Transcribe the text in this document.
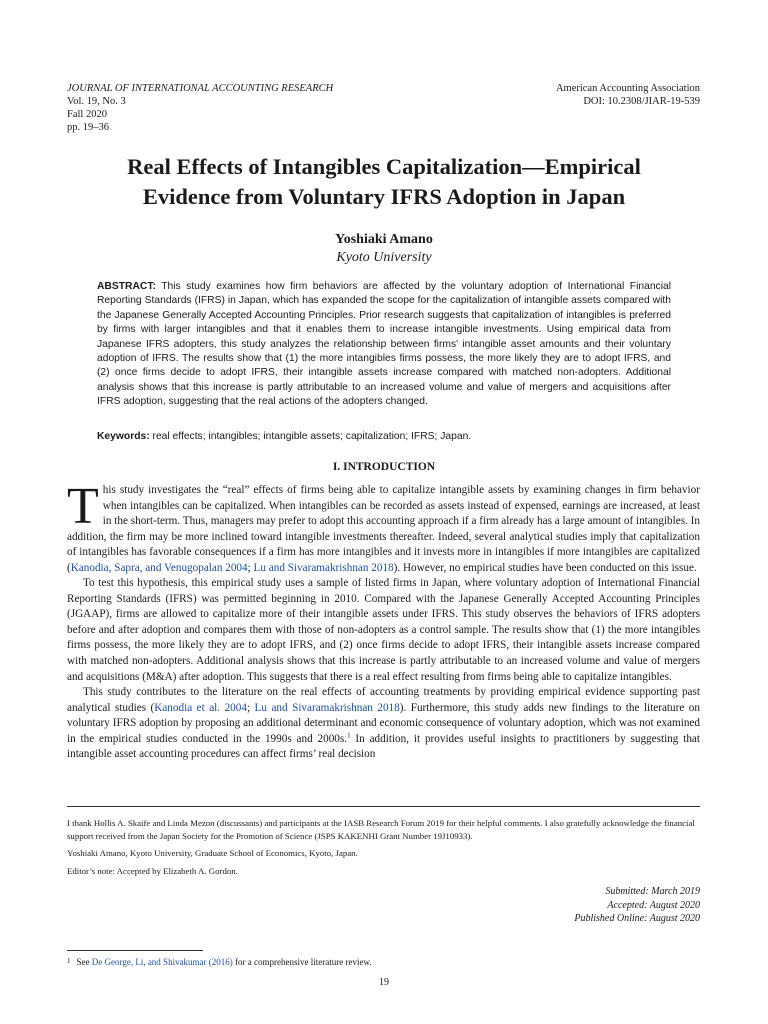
JOURNAL OF INTERNATIONAL ACCOUNTING RESEARCH
Vol. 19, No. 3
Fall 2020
pp. 19–36
American Accounting Association
DOI: 10.2308/JIAR-19-539
Real Effects of Intangibles Capitalization—Empirical
Evidence from Voluntary IFRS Adoption in Japan
Yoshiaki Amano
Kyoto University
ABSTRACT: This study examines how firm behaviors are affected by the voluntary adoption of International Financial Reporting Standards (IFRS) in Japan, which has expanded the scope for the capitalization of intangible assets compared with the Japanese Generally Accepted Accounting Principles. Prior research suggests that capitalization of intangibles is preferred by firms with larger intangibles and that it enables them to increase intangible investments. Using empirical data from Japanese IFRS adopters, this study analyzes the relationship between firms' intangible asset amounts and their voluntary adoption of IFRS. The results show that (1) the more intangibles firms possess, the more likely they are to adopt IFRS, and (2) once firms decide to adopt IFRS, their intangible assets increase compared with matched non-adopters. Additional analysis shows that this increase is partly attributable to an increased volume and value of mergers and acquisitions after IFRS adoption, suggesting that the real actions of the adopters changed.
Keywords: real effects; intangibles; intangible assets; capitalization; IFRS; Japan.
I. INTRODUCTION

This study investigates the “real” effects of firms being able to capitalize intangible assets by examining changes in firm behavior when intangibles can be capitalized. When intangibles can be recorded as assets instead of expensed, earnings are increased, at least in the short-term. Thus, managers may prefer to adopt this accounting approach if a firm already has a large amount of intangibles. In addition, the firm may be more inclined toward intangible investments thereafter. Indeed, several analytical studies imply that capitalization of intangibles has favorable consequences if a firm has more intangibles and it invests more in intangibles if more intangibles are capitalized (Kanodia, Sapra, and Venugopalan 2004; Lu and Sivaramakrishnan 2018). However, no empirical studies have been conducted on this issue.

To test this hypothesis, this empirical study uses a sample of listed firms in Japan, where voluntary adoption of International Financial Reporting Standards (IFRS) was permitted beginning in 2010. Compared with the Japanese Generally Accepted Accounting Principles (JGAAP), firms are allowed to capitalize more of their intangible assets under IFRS. This study observes the behaviors of IFRS adopters before and after adoption and compares them with those of non-adopters as a control sample. The results show that (1) the more intangibles firms possess, the more likely they are to adopt IFRS, and (2) once firms decide to adopt IFRS, their intangible assets increase compared with matched non-adopters. Additional analysis shows that this increase is partly attributable to an increased volume and value of mergers and acquisitions (M&A) after adoption. This suggests that there is a real effect resulting from firms being able to capitalize intangibles.

This study contributes to the literature on the real effects of accounting treatments by providing empirical evidence supporting past analytical studies (Kanodia et al. 2004; Lu and Sivaramakrishnan 2018). Furthermore, this study adds new findings to the literature on voluntary IFRS adoption by proposing an additional determinant and economic consequence of voluntary adoption, which was not examined in the empirical studies conducted in the 1990s and 2000s.$^1$ In addition, it provides useful insights to practitioners by suggesting that intangible asset accounting procedures can affect firms’ real decision

I thank Hollis A. Skaife and Linda Mezon (discussants) and participants at the IASB Research Forum 2019 for their helpful comments. I also gratefully acknowledge the financial support received from the Japan Society for the Promotion of Science (JSPS KAKENHI Grant Number 19J10933).

Yoshiaki Amano, Kyoto University, Graduate School of Economics, Kyoto, Japan.

Editor’s note: Accepted by Elizabeth A. Gordon.

Submitted: March 2019
Accepted: August 2020
Published Online: August 2020
$^1$ See De George, Li, and Shivakumar (2016) for a comprehensive literature review.
19
